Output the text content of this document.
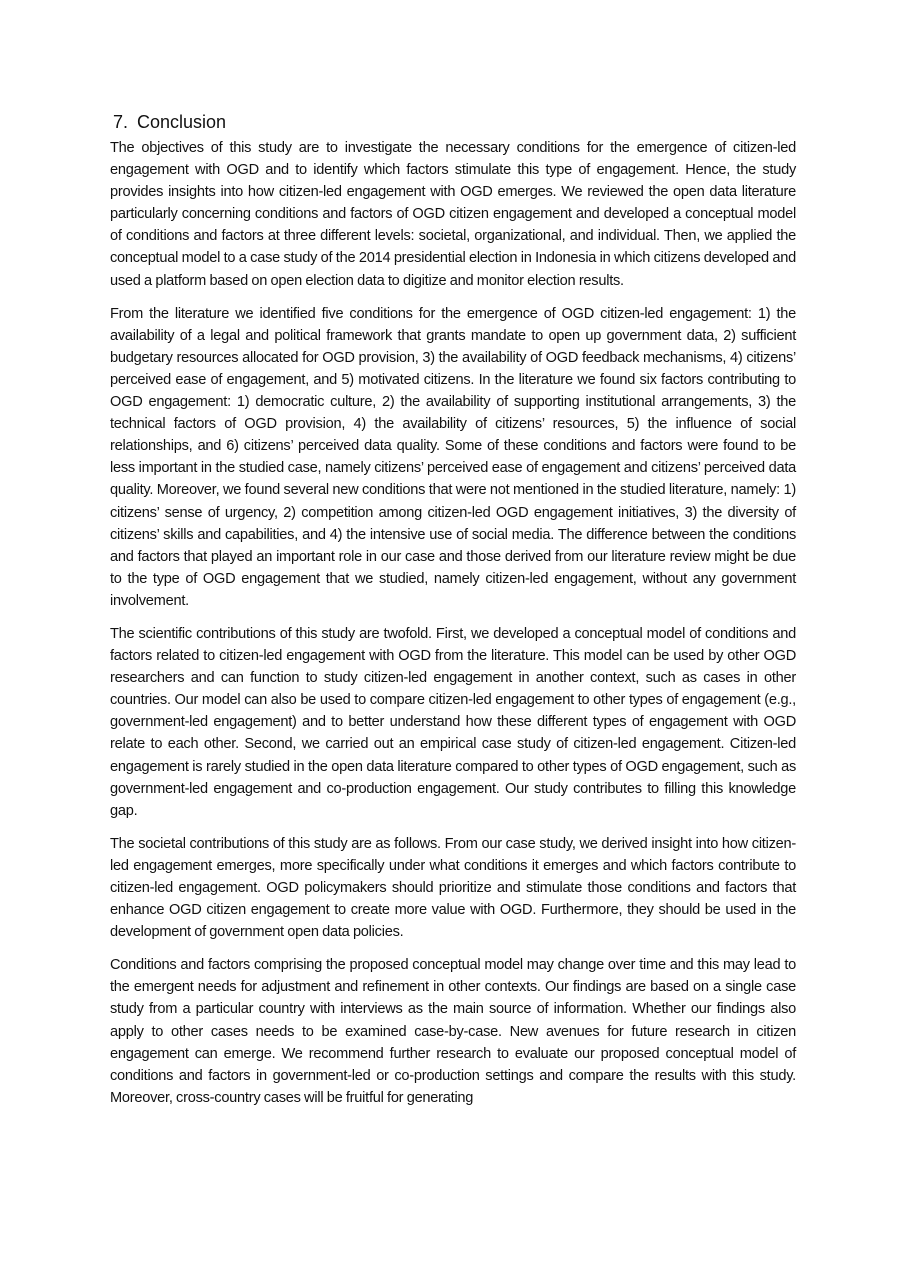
7. Conclusion

The objectives of this study are to investigate the necessary conditions for the emergence of citizen-led engagement with OGD and to identify which factors stimulate this type of engagement. Hence, the study provides insights into how citizen-led engagement with OGD emerges. We reviewed the open data literature particularly concerning conditions and factors of OGD citizen engagement and developed a conceptual model of conditions and factors at three different levels: societal, organizational, and individual. Then, we applied the conceptual model to a case study of the 2014 presidential election in Indonesia in which citizens developed and used a platform based on open election data to digitize and monitor election results.

From the literature we identified five conditions for the emergence of OGD citizen-led engagement: 1) the availability of a legal and political framework that grants mandate to open up government data, 2) sufficient budgetary resources allocated for OGD provision, 3) the availability of OGD feedback mechanisms, 4) citizens’ perceived ease of engagement, and 5) motivated citizens. In the literature we found six factors contributing to OGD engagement: 1) democratic culture, 2) the availability of supporting institutional arrangements, 3) the technical factors of OGD provision, 4) the availability of citizens’ resources, 5) the influence of social relationships, and 6) citizens’ perceived data quality. Some of these conditions and factors were found to be less important in the studied case, namely citizens’ perceived ease of engagement and citizens’ perceived data quality. Moreover, we found several new conditions that were not mentioned in the studied literature, namely: 1) citizens’ sense of urgency, 2) competition among citizen-led OGD engagement initiatives, 3) the diversity of citizens’ skills and capabilities, and 4) the intensive use of social media. The difference between the conditions and factors that played an important role in our case and those derived from our literature review might be due to the type of OGD engagement that we studied, namely citizen-led engagement, without any government involvement.

The scientific contributions of this study are twofold. First, we developed a conceptual model of conditions and factors related to citizen-led engagement with OGD from the literature. This model can be used by other OGD researchers and can function to study citizen-led engagement in another context, such as cases in other countries. Our model can also be used to compare citizen-led engagement to other types of engagement (e.g., government-led engagement) and to better understand how these different types of engagement with OGD relate to each other. Second, we carried out an empirical case study of citizen-led engagement. Citizen-led engagement is rarely studied in the open data literature compared to other types of OGD engagement, such as government-led engagement and co-production engagement. Our study contributes to filling this knowledge gap.

The societal contributions of this study are as follows. From our case study, we derived insight into how citizen-led engagement emerges, more specifically under what conditions it emerges and which factors contribute to citizen-led engagement. OGD policymakers should prioritize and stimulate those conditions and factors that enhance OGD citizen engagement to create more value with OGD. Furthermore, they should be used in the development of government open data policies.

Conditions and factors comprising the proposed conceptual model may change over time and this may lead to the emergent needs for adjustment and refinement in other contexts. Our findings are based on a single case study from a particular country with interviews as the main source of information. Whether our findings also apply to other cases needs to be examined case-by-case. New avenues for future research in citizen engagement can emerge. We recommend further research to evaluate our proposed conceptual model of conditions and factors in government-led or co-production settings and compare the results with this study. Moreover, cross-country cases will be fruitful for generating
